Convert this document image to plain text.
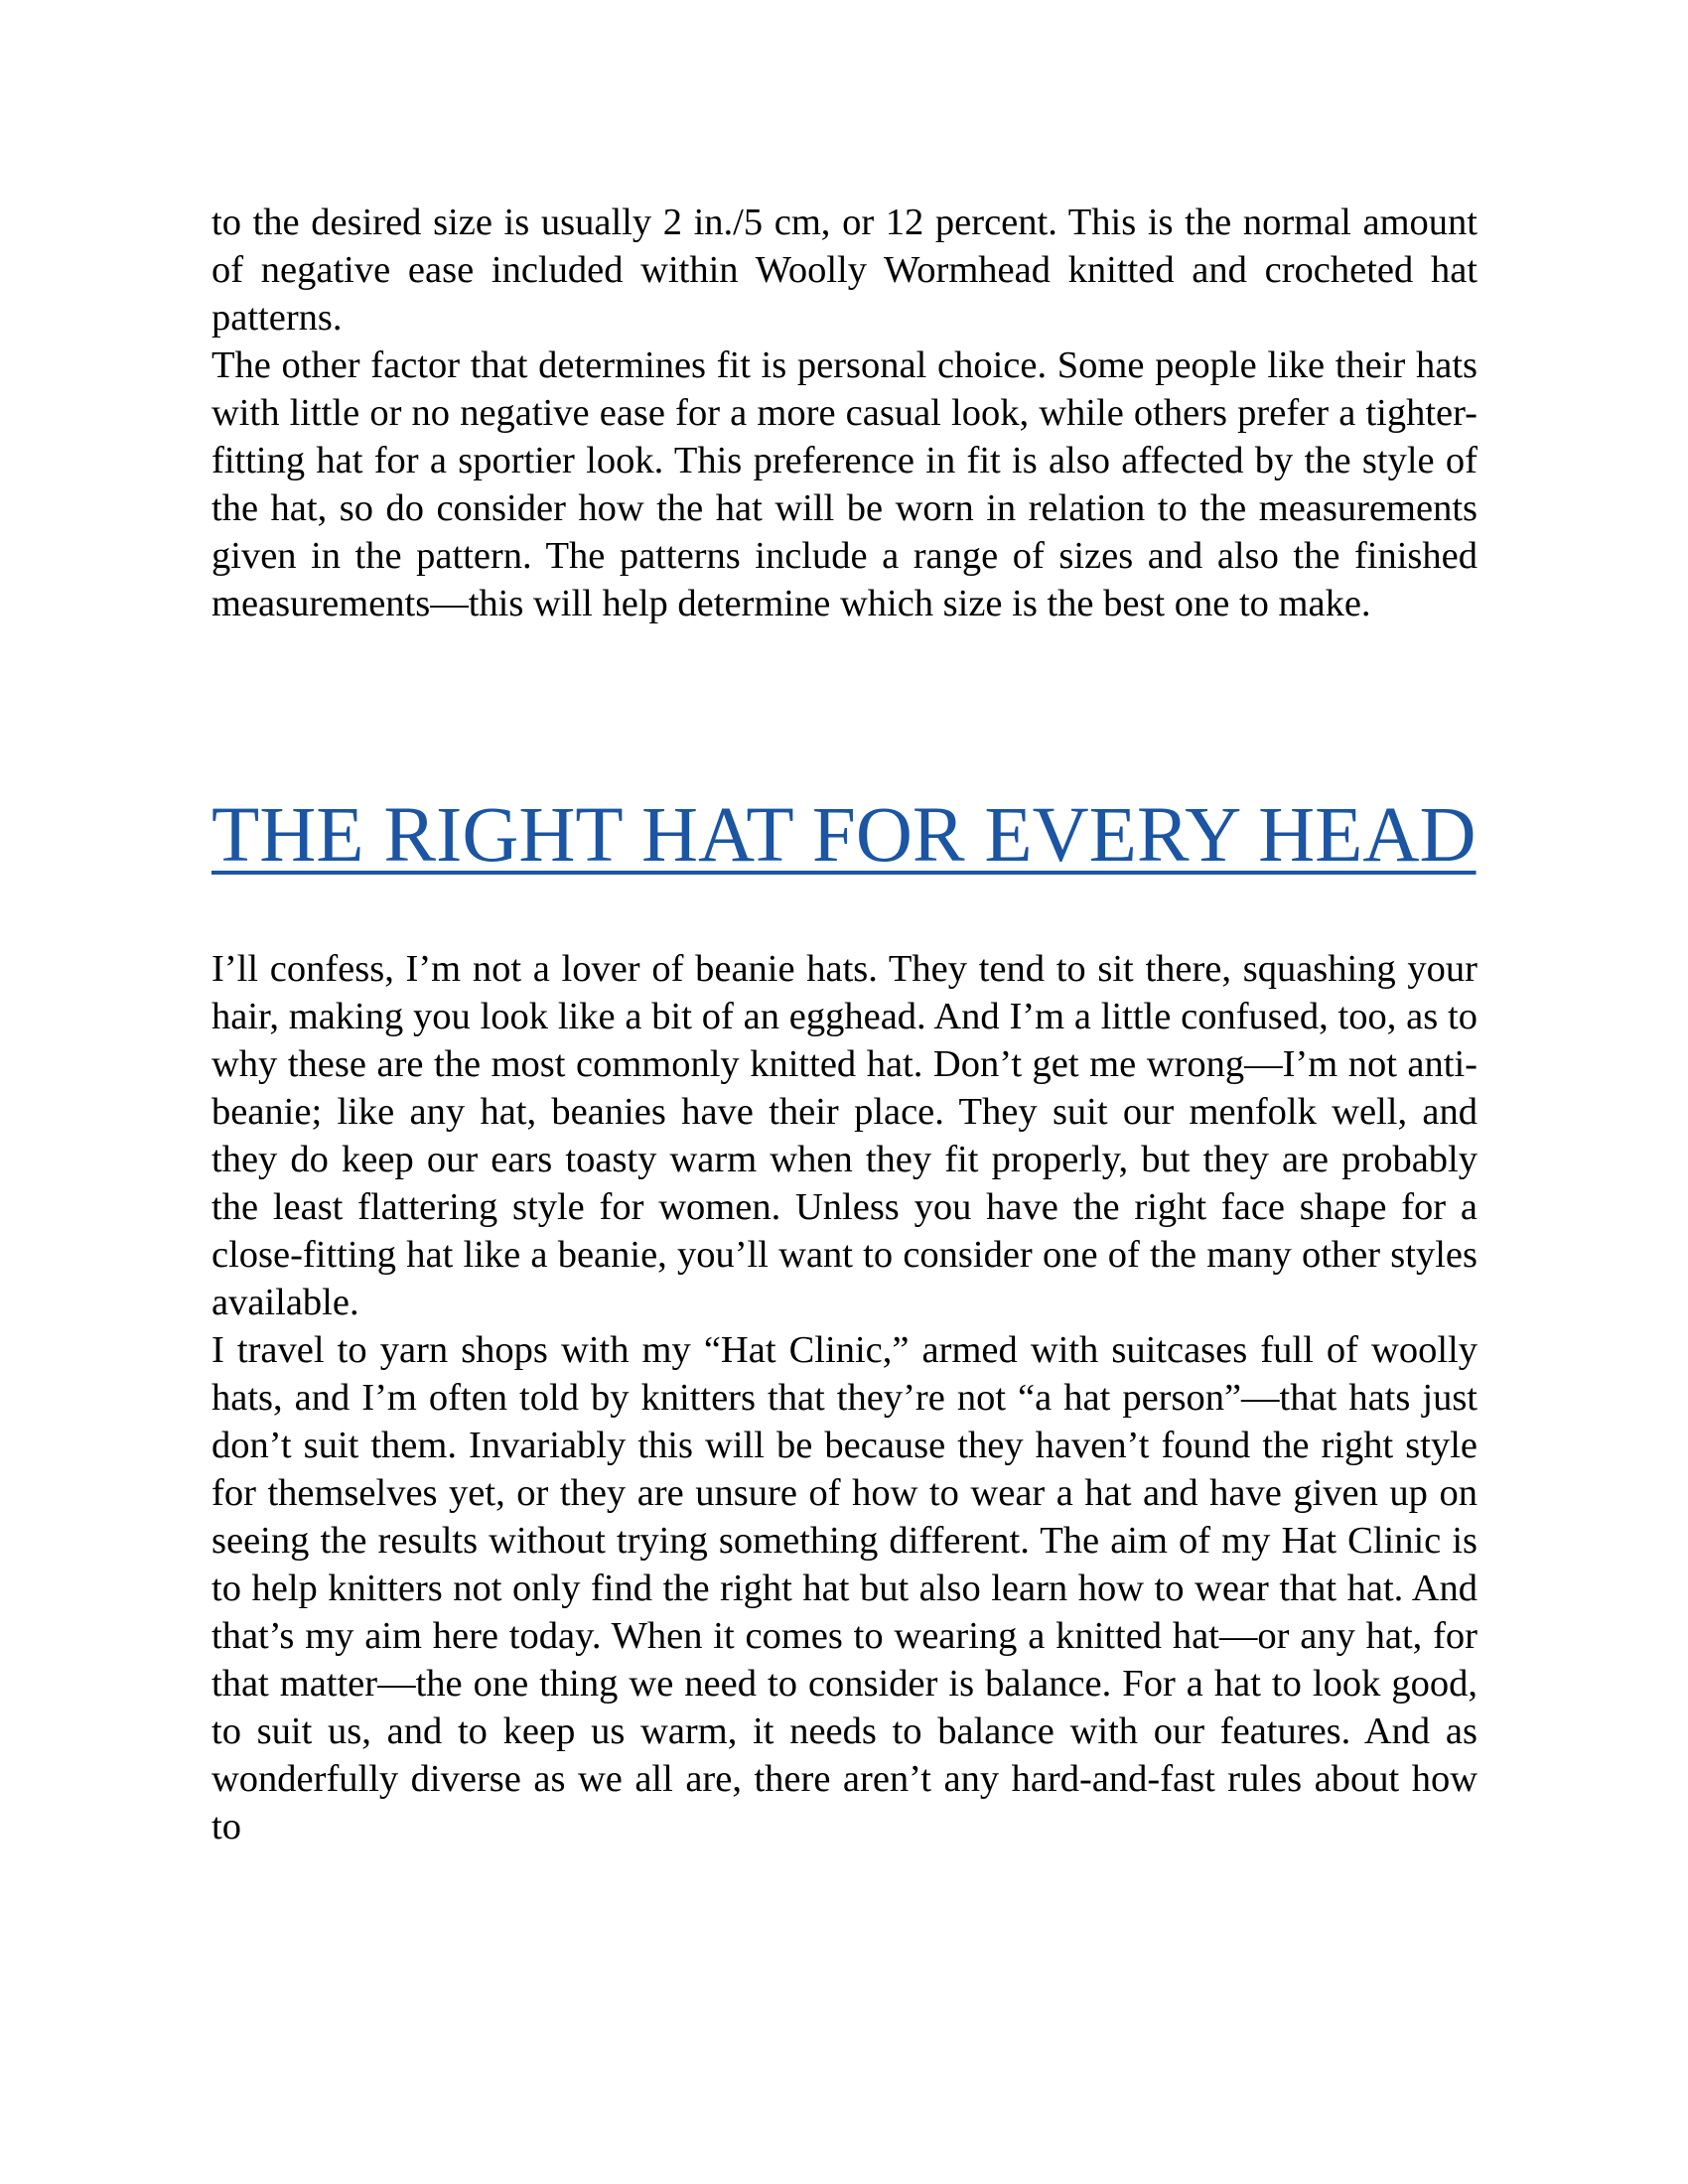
to the desired size is usually 2 in./5 cm, or 12 percent. This is the normal amount of negative ease included within Woolly Wormhead knitted and crocheted hat patterns.

The other factor that determines fit is personal choice. Some people like their hats with little or no negative ease for a more casual look, while others prefer a tighter-fitting hat for a sportier look. This preference in fit is also affected by the style of the hat, so do consider how the hat will be worn in relation to the measurements given in the pattern. The patterns include a range of sizes and also the finished measurements—this will help determine which size is the best one to make.

THE RIGHT HAT FOR EVERY HEAD

I’ll confess, I’m not a lover of beanie hats. They tend to sit there, squashing your hair, making you look like a bit of an egghead. And I’m a little confused, too, as to why these are the most commonly knitted hat. Don’t get me wrong—I’m not anti-beanie; like any hat, beanies have their place. They suit our menfolk well, and they do keep our ears toasty warm when they fit properly, but they are probably the least flattering style for women. Unless you have the right face shape for a close-fitting hat like a beanie, you’ll want to consider one of the many other styles available.

I travel to yarn shops with my “Hat Clinic,” armed with suitcases full of woolly hats, and I’m often told by knitters that they’re not “a hat person”—that hats just don’t suit them. Invariably this will be because they haven’t found the right style for themselves yet, or they are unsure of how to wear a hat and have given up on seeing the results without trying something different. The aim of my Hat Clinic is to help knitters not only find the right hat but also learn how to wear that hat. And that’s my aim here today. When it comes to wearing a knitted hat—or any hat, for that matter—the one thing we need to consider is balance. For a hat to look good, to suit us, and to keep us warm, it needs to balance with our features. And as wonderfully diverse as we all are, there aren’t any hard-and-fast rules about how to
